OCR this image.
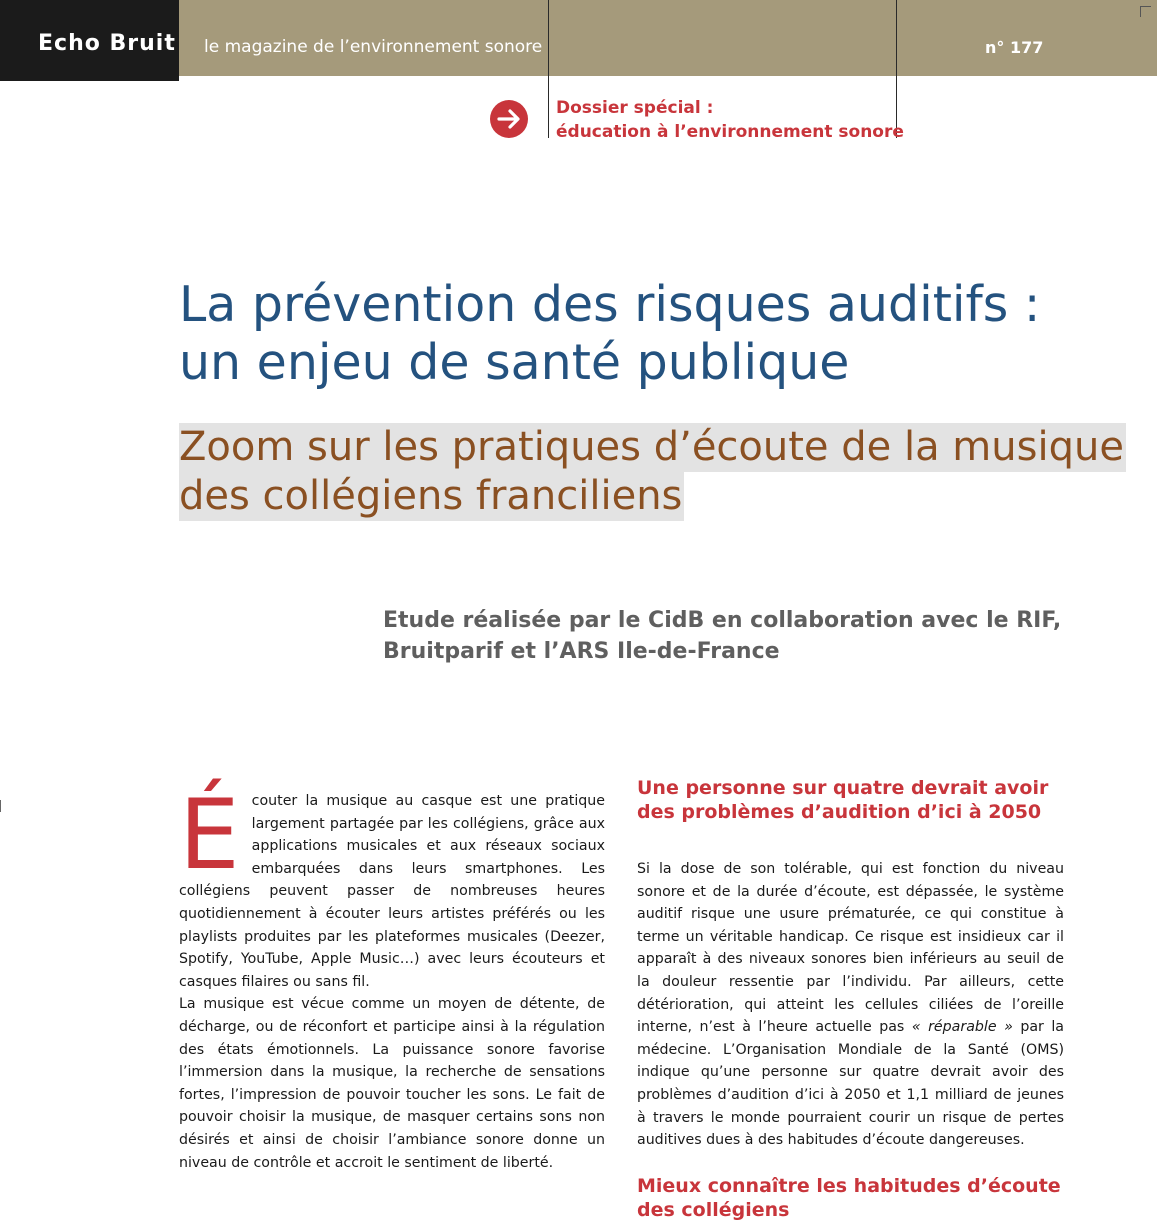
Echo Bruit le magazine de l’environnement sonore	n° 177
Dossier spécial :
éducation à l’environnement sonore
La prévention des risques auditifs :
un enjeu de santé publique
Zoom sur les pratiques d’écoute de la musique
des collégiens franciliens
Etude réalisée par le CidB en collaboration avec le RIF,
Bruitparif et l’ARS Ile-de-France

Écouter la musique au casque est une pratique largement partagée par les collégiens, grâce aux applications musicales et aux réseaux sociaux embarquées dans leurs smartphones. Les collégiens peuvent passer de nombreuses heures quotidiennement à écouter leurs artistes préférés ou les playlists produites par les plateformes musicales (Deezer, Spotify, YouTube, Apple Music…) avec leurs écouteurs et casques filaires ou sans fil.

La musique est vécue comme un moyen de détente, de décharge, ou de réconfort et participe ainsi à la régulation des états émotionnels. La puissance sonore favorise l’immersion dans la musique, la recherche de sensations fortes, l’impression de pouvoir toucher les sons. Le fait de pouvoir choisir la musique, de masquer certains sons non désirés et ainsi de choisir l’ambiance sonore donne un niveau de contrôle et accroit le sentiment de liberté.

Une personne sur quatre devrait avoir des problèmes d’audition d’ici à 2050

Si la dose de son tolérable, qui est fonction du niveau sonore et de la durée d’écoute, est dépassée, le système auditif risque une usure prématurée, ce qui constitue à terme un véritable handicap. Ce risque est insidieux car il apparaît à des niveaux sonores bien inférieurs au seuil de la douleur ressentie par l’individu. Par ailleurs, cette détérioration, qui atteint les cellules ciliées de l’oreille interne, n’est à l’heure actuelle pas « réparable » par la médecine. L’Organisation Mondiale de la Santé (OMS) indique qu’une personne sur quatre devrait avoir des problèmes d’audition d’ici à 2050 et 1,1 milliard de jeunes à travers le monde pourraient courir un risque de pertes auditives dues à des habitudes d’écoute dangereuses.

Mieux connaître les habitudes d’écoute des collégiens
